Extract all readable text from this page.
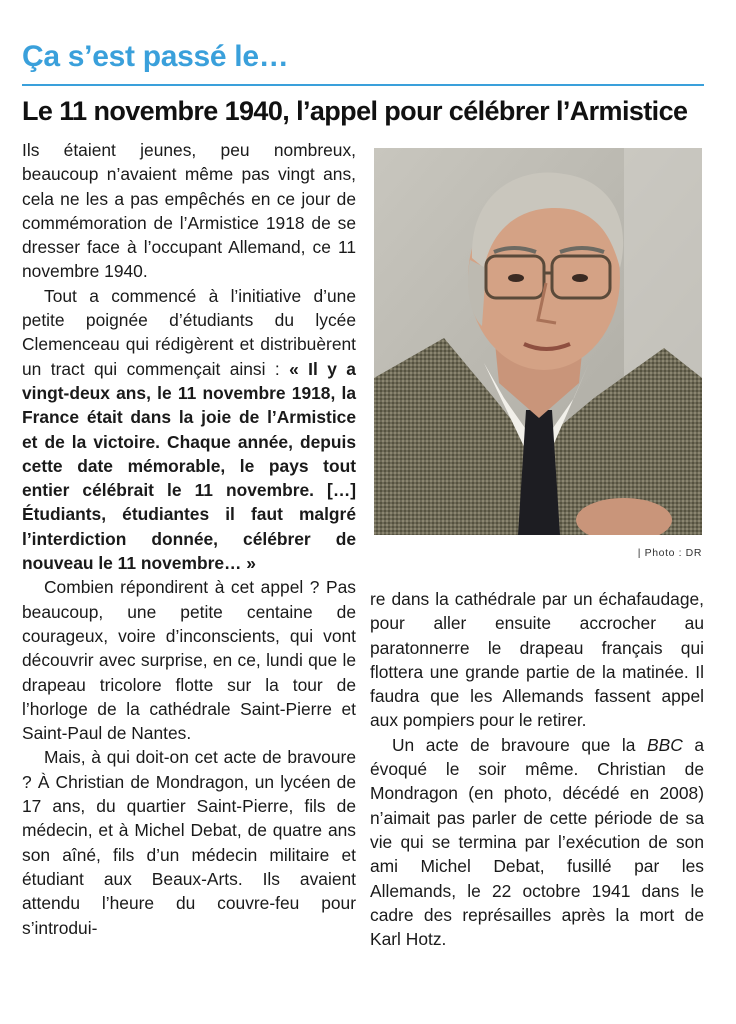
Ça s’est passé le…
Le 11 novembre 1940, l’appel pour célébrer l’Armistice

Ils étaient jeunes, peu nombreux, beaucoup n’avaient même pas vingt ans, cela ne les a pas empêchés en ce jour de commémoration de l’Armistice 1918 de se dresser face à l’occupant Allemand, ce 11 novembre 1940.

Tout a commencé à l’initiative d’une petite poignée d’étudiants du lycée Clemenceau qui rédigèrent et distribuèrent un tract qui commençait ainsi : « Il y a vingt-deux ans, le 11 novembre 1918, la France était dans la joie de l’Armistice et de la victoire. Chaque année, depuis cette date mémorable, le pays tout entier célébrait le 11 novembre. […] Étudiants, étudiantes il faut malgré l’interdiction donnée, célébrer de nouveau le 11 novembre… »

Combien répondirent à cet appel ? Pas beaucoup, une petite centaine de courageux, voire d’inconscients, qui vont découvrir avec surprise, en ce, lundi que le drapeau tricolore flotte sur la tour de l’horloge de la cathédrale Saint-Pierre et Saint-Paul de Nantes.

Mais, à qui doit-on cet acte de bravoure ? À Christian de Mondragon, un lycéen de 17 ans, du quartier Saint-Pierre, fils de médecin, et à Michel Debat, de quatre ans son aîné, fils d’un médecin militaire et étudiant aux Beaux-Arts. Ils avaient attendu l’heure du couvre-feu pour s’introdui-

| Photo : DR

re dans la cathédrale par un échafaudage, pour aller ensuite accrocher au paratonnerre le drapeau français qui flottera une grande partie de la matinée. Il faudra que les Allemands fassent appel aux pompiers pour le retirer.

Un acte de bravoure que la BBC a évoqué le soir même. Christian de Mondragon (en photo, décédé en 2008) n’aimait pas parler de cette période de sa vie qui se termina par l’exécution de son ami Michel Debat, fusillé par les Allemands, le 22 octobre 1941 dans le cadre des représailles après la mort de Karl Hotz.
